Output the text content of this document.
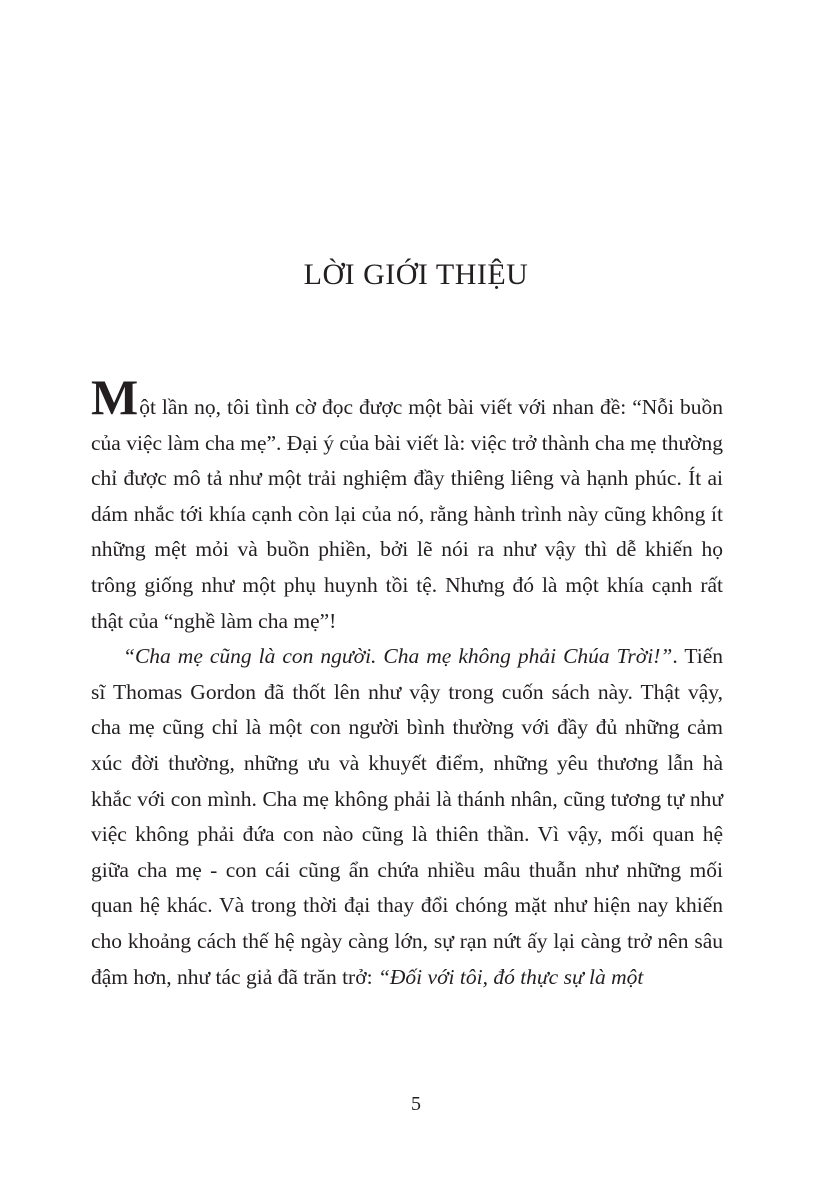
LỜI GIỚI THIỆU

Một lần nọ, tôi tình cờ đọc được một bài viết với nhan đề: “Nỗi buồn của việc làm cha mẹ”. Đại ý của bài viết là: việc trở thành cha mẹ thường chỉ được mô tả như một trải nghiệm đầy thiêng liêng và hạnh phúc. Ít ai dám nhắc tới khía cạnh còn lại của nó, rằng hành trình này cũng không ít những mệt mỏi và buồn phiền, bởi lẽ nói ra như vậy thì dễ khiến họ trông giống như một phụ huynh tồi tệ. Nhưng đó là một khía cạnh rất thật của “nghề làm cha mẹ”!

“Cha mẹ cũng là con người. Cha mẹ không phải Chúa Trời!”. Tiến sĩ Thomas Gordon đã thốt lên như vậy trong cuốn sách này. Thật vậy, cha mẹ cũng chỉ là một con người bình thường với đầy đủ những cảm xúc đời thường, những ưu và khuyết điểm, những yêu thương lẫn hà khắc với con mình. Cha mẹ không phải là thánh nhân, cũng tương tự như việc không phải đứa con nào cũng là thiên thần. Vì vậy, mối quan hệ giữa cha mẹ - con cái cũng ẩn chứa nhiều mâu thuẫn như những mối quan hệ khác. Và trong thời đại thay đổi chóng mặt như hiện nay khiến cho khoảng cách thế hệ ngày càng lớn, sự rạn nứt ấy lại càng trở nên sâu đậm hơn, như tác giả đã trăn trở: “Đối với tôi, đó thực sự là một

5
